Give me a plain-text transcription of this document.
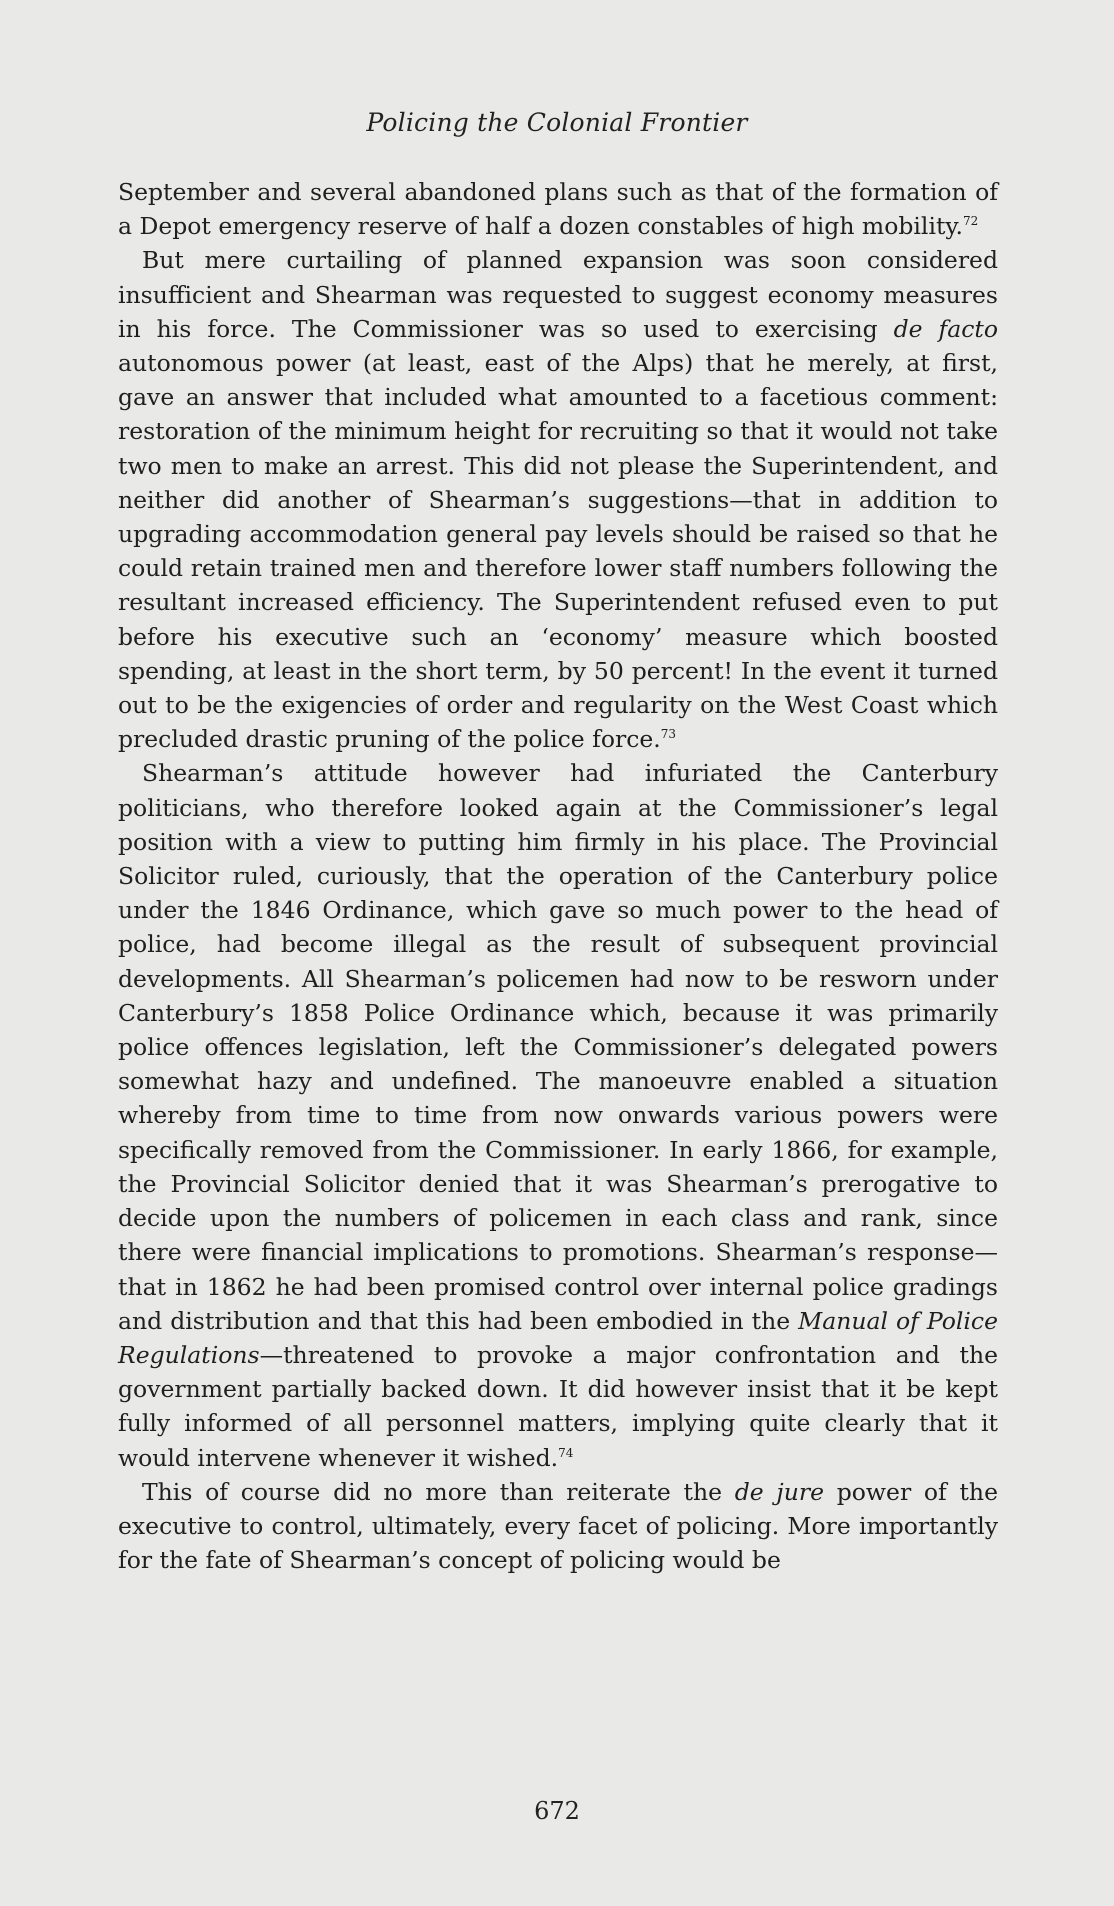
Policing the Colonial Frontier

September and several abandoned plans such as that of the formation of a Depot emergency reserve of half a dozen constables of high mobility.$^{72}$

But mere curtailing of planned expansion was soon considered insufficient and Shearman was requested to suggest economy measures in his force. The Commissioner was so used to exercising de facto autonomous power (at least, east of the Alps) that he merely, at first, gave an answer that included what amounted to a facetious comment: restoration of the minimum height for recruiting so that it would not take two men to make an arrest. This did not please the Superintendent, and neither did another of Shearman’s suggestions—that in addition to upgrading accommodation general pay levels should be raised so that he could retain trained men and therefore lower staff numbers following the resultant increased efficiency. The Superintendent refused even to put before his executive such an ‘economy’ measure which boosted spending, at least in the short term, by 50 percent! In the event it turned out to be the exigencies of order and regularity on the West Coast which precluded drastic pruning of the police force.$^{73}$

Shearman’s attitude however had infuriated the Canterbury politicians, who therefore looked again at the Commissioner’s legal position with a view to putting him firmly in his place. The Provincial Solicitor ruled, curiously, that the operation of the Canterbury police under the 1846 Ordinance, which gave so much power to the head of police, had become illegal as the result of subsequent provincial developments. All Shearman’s policemen had now to be resworn under Canterbury’s 1858 Police Ordinance which, because it was primarily police offences legislation, left the Commissioner’s delegated powers somewhat hazy and undefined. The manoeuvre enabled a situation whereby from time to time from now onwards various powers were specifically removed from the Commissioner. In early 1866, for example, the Provincial Solicitor denied that it was Shearman’s prerogative to decide upon the numbers of policemen in each class and rank, since there were financial implications to promotions. Shearman’s response—that in 1862 he had been promised control over internal police gradings and distribution and that this had been embodied in the Manual of Police Regulations—threatened to provoke a major confrontation and the government partially backed down. It did however insist that it be kept fully informed of all personnel matters, implying quite clearly that it would intervene whenever it wished.$^{74}$

This of course did no more than reiterate the de jure power of the executive to control, ultimately, every facet of policing. More importantly for the fate of Shearman’s concept of policing would be

672
